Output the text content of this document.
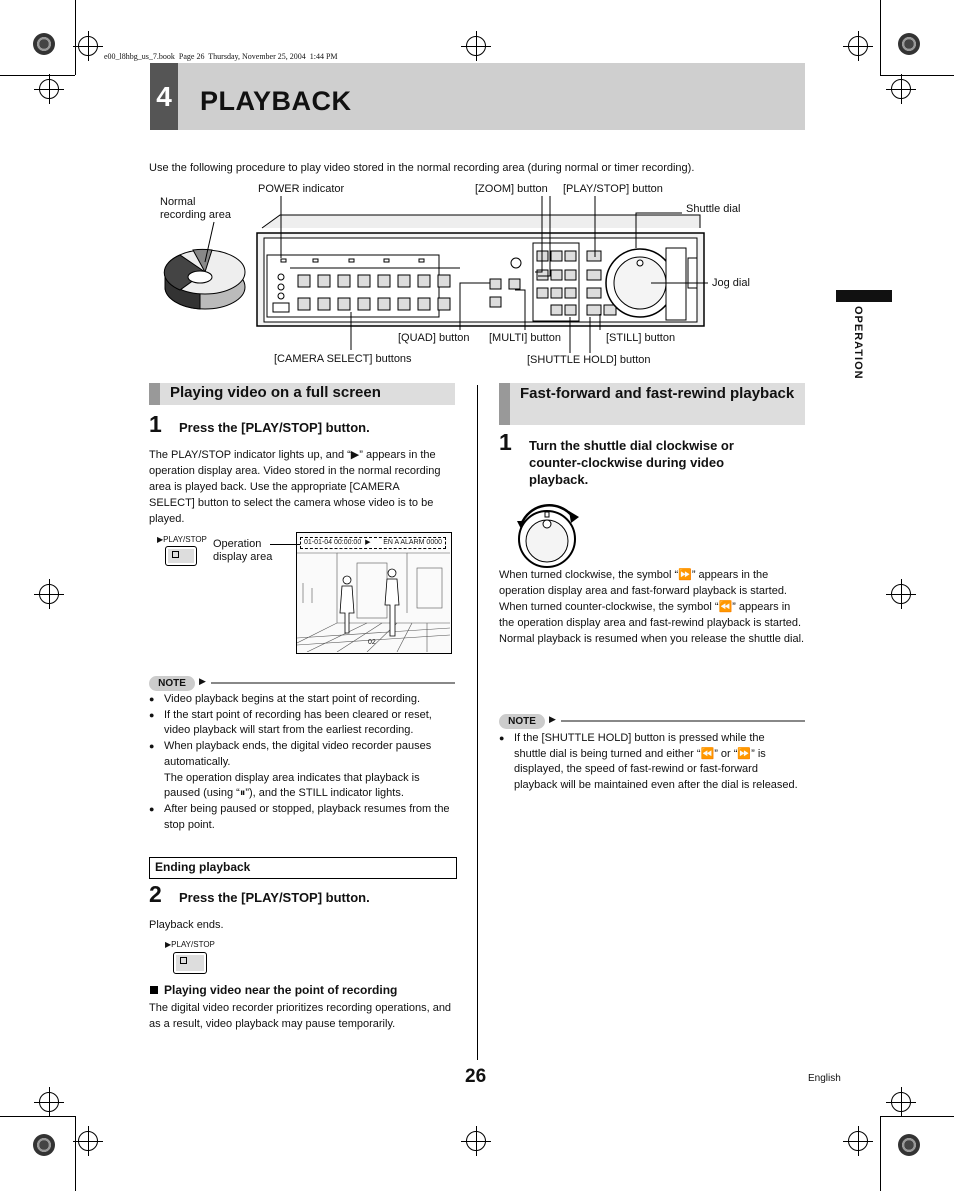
e00_l8hbg_us_7.book  Page 26  Thursday, November 25, 2004  1:44 PM
4 PLAYBACK
OPERATION
Use the following procedure to play video stored in the normal recording area (during normal or timer recording).
Normal
recording area
POWER indicator	[ZOOM] button [PLAY/STOP] button
Shuttle dial
Jog dial
[QUAD] button [MULTI] button	[STILL] button
[CAMERA SELECT] buttons	[SHUTTLE HOLD] button
Playing video on a full screen
1 Press the [PLAY/STOP] button.
The PLAY/STOP indicator lights up, and “▶” appears in the operation display area. Video stored in the normal recording area is played back. Use the appropriate [CAMERA SELECT] button to select the camera whose video is to be played.
▶PLAY/STOP Operation
display area
01-01-04 00:00:00  ▶ EN A ALARM 0000
02
NOTE	▶
● Video playback begins at the start point of recording.
● If the start point of recording has been cleared or reset, video playback will start from the earliest recording.
● When playback ends, the digital video recorder pauses automatically.
The operation display area indicates that playback is paused (using “⏸”), and the STILL indicator lights.
● After being paused or stopped, playback resumes from the stop point.
Ending playback
2 Press the [PLAY/STOP] button.
Playback ends.
▶PLAY/STOP
Playing video near the point of recording
The digital video recorder prioritizes recording operations, and as a result, video playback may pause temporarily.
Fast-forward and fast-rewind playback
1 Turn the shuttle dial clockwise or counter-clockwise during video playback.
When turned clockwise, the symbol “⏩” appears in the operation display area and fast-forward playback is started.
When turned counter-clockwise, the symbol “⏪” appears in the operation display area and fast-rewind playback is started.
Normal playback is resumed when you release the shuttle dial.
NOTE	▶
● If the [SHUTTLE HOLD] button is pressed while the shuttle dial is being turned and either “⏪” or “⏩” is displayed, the speed of fast-rewind or fast-forward playback will be maintained even after the dial is released.
26	English
